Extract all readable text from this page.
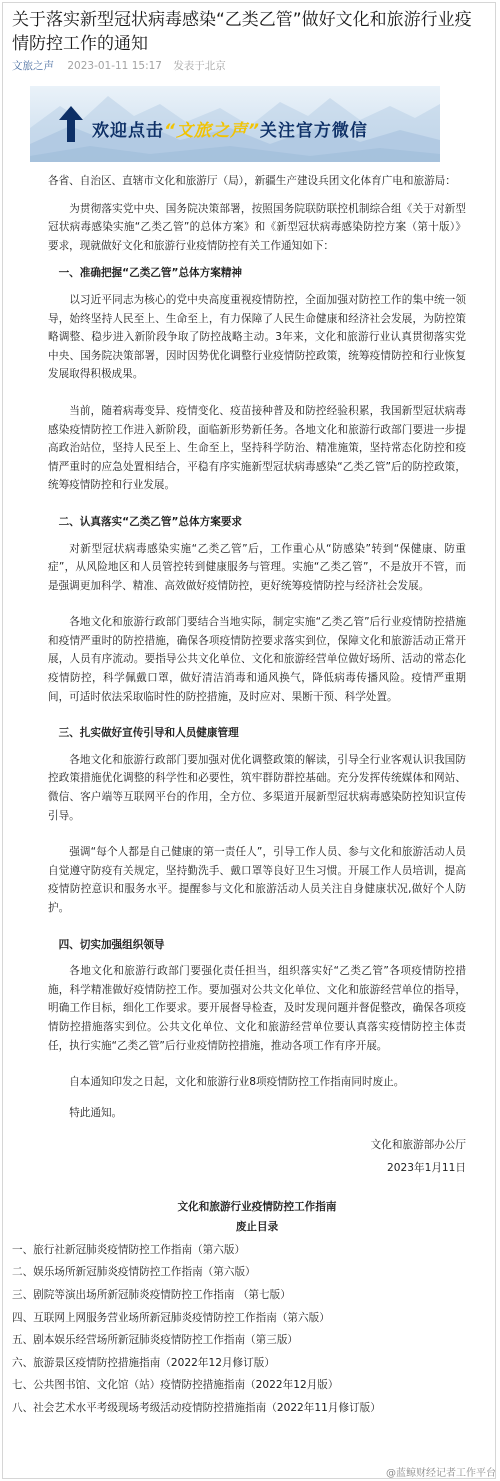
关于落实新型冠状病毒感染“乙类乙管”做好文化和旅游行业疫情防控工作的通知
文旅之声 2023-01-11 15:17 发表于北京
欢迎点击“文旅之声”关注官方微信

各省、自治区、直辖市文化和旅游厅（局），新疆生产建设兵团文化体育广电和旅游局：

为贯彻落实党中央、国务院决策部署，按照国务院联防联控机制综合组《关于对新型冠状病毒感染实施“乙类乙管”的总体方案》和《新型冠状病毒感染防控方案（第十版）》要求，现就做好文化和旅游行业疫情防控有关工作通知如下：

一、准确把握“乙类乙管”总体方案精神

以习近平同志为核心的党中央高度重视疫情防控，全面加强对防控工作的集中统一领导，始终坚持人民至上、生命至上，有力保障了人民生命健康和经济社会发展，为防控策略调整、稳步进入新阶段争取了防控战略主动。3年来，文化和旅游行业认真贯彻落实党中央、国务院决策部署，因时因势优化调整行业疫情防控政策，统筹疫情防控和行业恢复发展取得积极成果。

当前，随着病毒变异、疫情变化、疫苗接种普及和防控经验积累，我国新型冠状病毒感染疫情防控工作进入新阶段，面临新形势新任务。各地文化和旅游行政部门要进一步提高政治站位，坚持人民至上、生命至上，坚持科学防治、精准施策，坚持常态化防控和疫情严重时的应急处置相结合，平稳有序实施新型冠状病毒感染“乙类乙管”后的防控政策，统筹疫情防控和行业发展。

二、认真落实“乙类乙管”总体方案要求

对新型冠状病毒感染实施“乙类乙管”后，工作重心从“防感染”转到“保健康、防重症”，从风险地区和人员管控转到健康服务与管理。实施“乙类乙管”，不是放开不管，而是强调更加科学、精准、高效做好疫情防控，更好统筹疫情防控与经济社会发展。

各地文化和旅游行政部门要结合当地实际，制定实施“乙类乙管”后行业疫情防控措施和疫情严重时的防控措施，确保各项疫情防控要求落实到位，保障文化和旅游活动正常开展，人员有序流动。要指导公共文化单位、文化和旅游经营单位做好场所、活动的常态化疫情防控，科学佩戴口罩，做好清洁消毒和通风换气，降低病毒传播风险。疫情严重期间，可适时依法采取临时性的防控措施，及时应对、果断干预、科学处置。

三、扎实做好宣传引导和人员健康管理

各地文化和旅游行政部门要加强对优化调整政策的解读，引导全行业客观认识我国防控政策措施优化调整的科学性和必要性，筑牢群防群控基础。充分发挥传统媒体和网站、微信、客户端等互联网平台的作用，全方位、多渠道开展新型冠状病毒感染防控知识宣传引导。

强调“每个人都是自己健康的第一责任人”，引导工作人员、参与文化和旅游活动人员自觉遵守防疫有关规定，坚持勤洗手、戴口罩等良好卫生习惯。开展工作人员培训，提高疫情防控意识和服务水平。提醒参与文化和旅游活动人员关注自身健康状况,做好个人防护。

四、切实加强组织领导

各地文化和旅游行政部门要强化责任担当，组织落实好“乙类乙管”各项疫情防控措施，科学精准做好疫情防控工作。要加强对公共文化单位、文化和旅游经营单位的指导，明确工作目标，细化工作要求。要开展督导检查，及时发现问题并督促整改，确保各项疫情防控措施落实到位。公共文化单位、文化和旅游经营单位要认真落实疫情防控主体责任，执行实施“乙类乙管”后行业疫情防控措施，推动各项工作有序开展。

自本通知印发之日起，文化和旅游行业8项疫情防控工作指南同时废止。

特此通知。

文化和旅游部办公厅

2023年1月11日

文化和旅游行业疫情防控工作指南

废止目录

一、旅行社新冠肺炎疫情防控工作指南（第六版）

二、娱乐场所新冠肺炎疫情防控工作指南（第六版）

三、剧院等演出场所新冠肺炎疫情防控工作指南 （第七版）

四、互联网上网服务营业场所新冠肺炎疫情防控工作指南（第六版）

五、剧本娱乐经营场所新冠肺炎疫情防控工作指南（第三版）

六、旅游景区疫情防控措施指南（2022年12月修订版）

七、公共图书馆、文化馆（站）疫情防控措施指南（2022年12月版）

八、社会艺术水平考级现场考级活动疫情防控措施指南（2022年11月修订版）

@蓝鲸财经记者工作平台
